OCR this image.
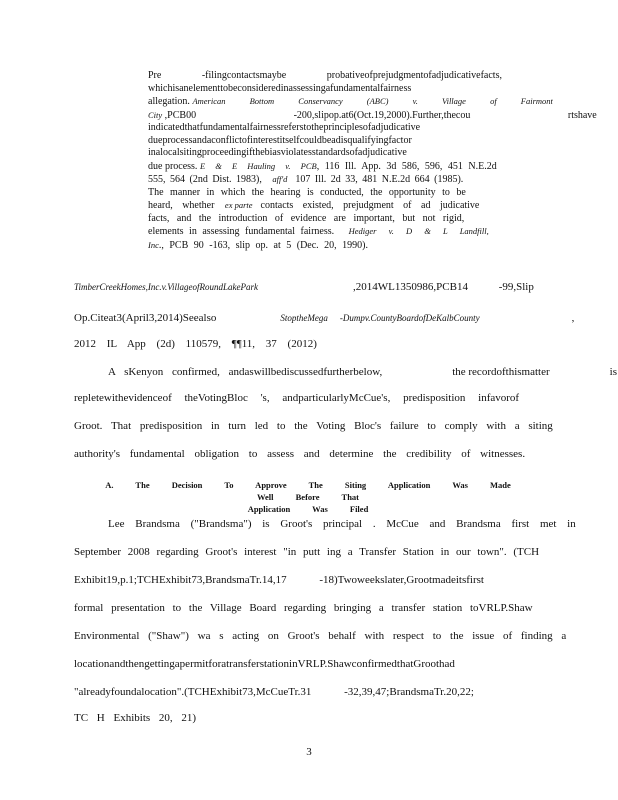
Pre -filingcontactsmaybe probativeofprejudgmentofadjudicativefacts,
whichisanelementtobeconsideredinassessingafundamentalfairness
allegation. American Bottom Conservancy (ABC) v. Village of Fairmont
City ,PCB00 -200,slipop.at6(Oct.19,2000).Further,thecou rtshave
indicatedthatfundamentalfairnessreferstotheprinciplesofadjudicative
dueprocessandaconflictofinterestitselfcouldbeadisqualifyingfactor
inalocalsitingproceedingifthebiasviolatesstandardsofadjudicative
due process. E & E Hauling v. PCB, 116 Ill. App. 3d 586, 596, 451 N.E.2d
555, 564 (2nd Dist. 1983), aff'd 107 Ill. 2d 33, 481 N.E.2d 664 (1985).
The manner in which the hearing is conducted, the opportunity to be
heard, whether ex parte contacts existed, prejudgment of ad judicative
facts, and the introduction of evidence are important, but not rigid,
elements in assessing fundamental fairness. Hediger v. D & L Landfill,
Inc., PCB 90 -163, slip op. at 5 (Dec. 20, 1990).
TimberCreekHomes,Inc.v.VillageofRoundLakePark	,2014WL1350986,PCB14 -99,Slip
Op.Citeat3(April3,2014)Seealso	StoptheMega -Dumpv.CountyBoardofDeKalbCounty	,
2012 IL App (2d) 110579, ¶¶11, 37 (2012)
A sKenyon confirmed, andaswillbediscussedfurtherbelow,	the recordofthismatter	is
repletewithevidenceof theVotingBloc 's, andparticularlyMcCue's, predisposition infavorof
Groot. That predisposition in turn led to the Voting Bloc's failure to comply with a siting
authority's fundamental obligation to assess and determine the credibility of witnesses.
A. The Decision To Approve The Siting Application Was Made Well Before That
Application Was Filed
Lee Brandsma ("Brandsma") is Groot's principal . McCue and Brandsma first met in
September 2008 regarding Groot's interest "in putt ing a Transfer Station in our town". (TCH
Exhibit19,p.1;TCHExhibit73,BrandsmaTr.14,17 -18)Twoweekslater,Grootmadeitsfirst
formal presentation to the Village Board regarding bringing a transfer station toVRLP.Shaw
Environmental ("Shaw") wa s acting on Groot's behalf with respect to the issue of finding a
locationandthengettingapermitforatransferstationinVRLP.ShawconfirmedthatGroothad
"alreadyfoundalocation".(TCHExhibit73,McCueTr.31 -32,39,47;BrandsmaTr.20,22;
TC H Exhibits 20, 21)
3
